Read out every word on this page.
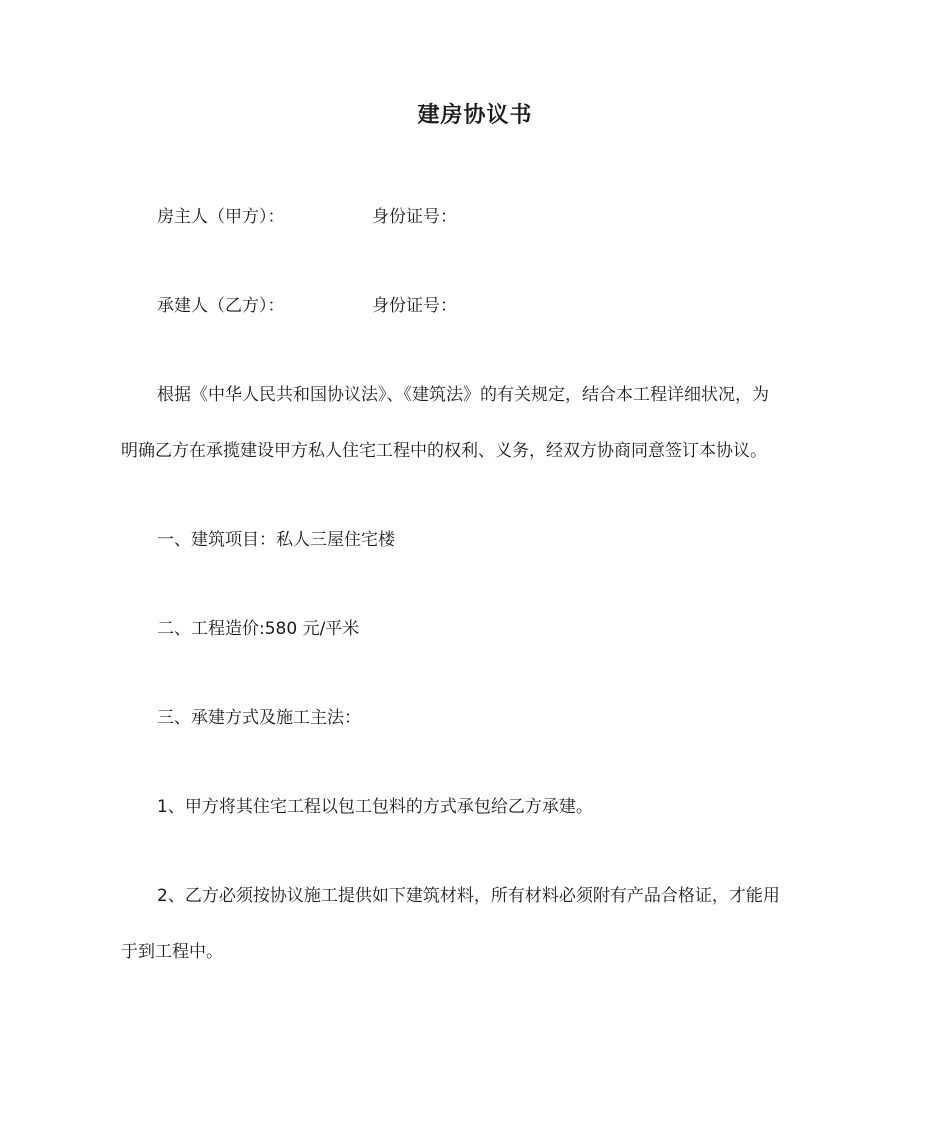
建房协议书
房主人（甲方）：	身份证号：
承建人（乙方）：	身份证号：
根据《中华人民共和国协议法》、《建筑法》的有关规定，结合本工程详细状况，为
明确乙方在承揽建设甲方私人住宅工程中的权利、义务，经双方协商同意签订本协议。
一、建筑项目：私人三屋住宅楼
二、工程造价:580 元/平米
三、承建方式及施工主法：
1、甲方将其住宅工程以包工包料的方式承包给乙方承建。
2、乙方必须按协议施工提供如下建筑材料，所有材料必须附有产品合格证，才能用
于到工程中。
